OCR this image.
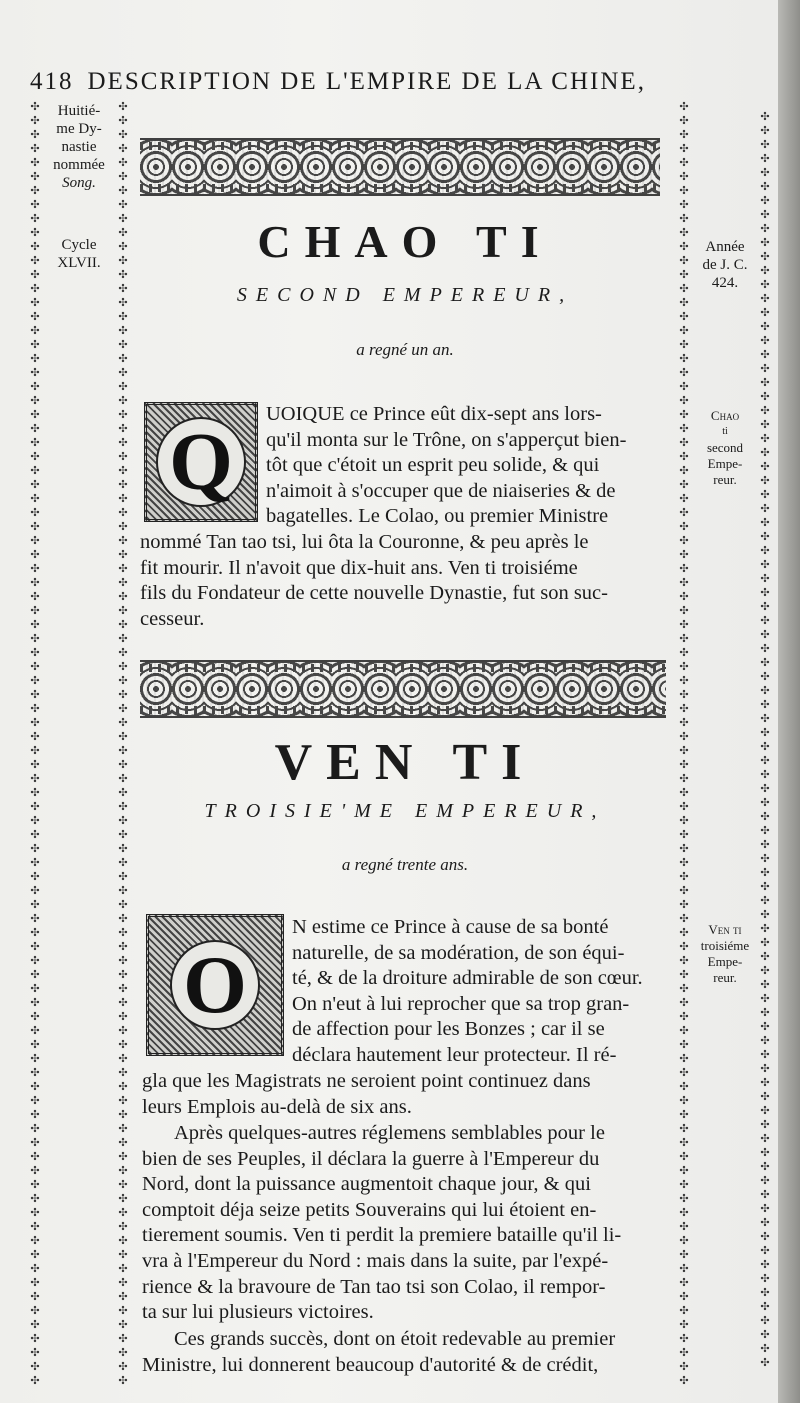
418 DESCRIPTION DE L'EMPIRE DE LA CHINE,
✣✣✣✣✣✣✣✣✣✣✣✣✣✣✣✣✣✣✣✣✣✣✣✣✣✣✣✣✣✣✣✣✣✣✣✣✣✣✣✣✣✣✣✣✣✣✣✣✣✣✣✣✣✣✣✣✣✣✣✣✣✣✣✣✣✣✣✣✣✣✣✣✣✣✣✣✣✣✣✣✣✣✣✣✣✣✣✣✣✣✣✣
✣✣✣✣✣✣✣✣✣✣✣✣✣✣✣✣✣✣✣✣✣✣✣✣✣✣✣✣✣✣✣✣✣✣✣✣✣✣✣✣✣✣✣✣✣✣✣✣✣✣✣✣✣✣✣✣✣✣✣✣✣✣✣✣✣✣✣✣✣✣✣✣✣✣✣✣✣✣✣✣✣✣✣✣✣✣✣✣✣✣✣✣
✣✣✣✣✣✣✣✣✣✣✣✣✣✣✣✣✣✣✣✣✣✣✣✣✣✣✣✣✣✣✣✣✣✣✣✣✣✣✣✣✣✣✣✣✣✣✣✣✣✣✣✣✣✣✣✣✣✣✣✣✣✣✣✣✣✣✣✣✣✣✣✣✣✣✣✣✣✣✣✣✣✣✣✣✣✣✣✣✣✣✣✣
✣✣✣✣✣✣✣✣✣✣✣✣✣✣✣✣✣✣✣✣✣✣✣✣✣✣✣✣✣✣✣✣✣✣✣✣✣✣✣✣✣✣✣✣✣✣✣✣✣✣✣✣✣✣✣✣✣✣✣✣✣✣✣✣✣✣✣✣✣✣✣✣✣✣✣✣✣✣✣✣✣✣✣✣✣✣✣✣✣✣
Huitié-
me Dy-
nastie
nommée
Song.
Cycle
XLVII.
Année
de J. C.
424.
Chao
ti
second
Empe-
reur.
Ven ti
troisiéme
Empe-
reur.
CHAO TI
SECOND EMPEREUR,
a regné un an.
Q
UOIQUE ce Prince eût dix-sept ans lors-
qu'il monta sur le Trône, on s'apperçut bien-
tôt que c'étoit un esprit peu solide, & qui
n'aimoit à s'occuper que de niaiseries & de
bagatelles. Le Colao, ou premier Ministre
nommé Tan tao tsi, lui ôta la Couronne, & peu après le
fit mourir. Il n'avoit que dix-huit ans. Ven ti troisiéme
fils du Fondateur de cette nouvelle Dynastie, fut son suc-
cesseur.
VEN TI
TROISIE'ME EMPEREUR,
a regné trente ans.
O
N estime ce Prince à cause de sa bonté
naturelle, de sa modération, de son équi-
té, & de la droiture admirable de son cœur.
On n'eut à lui reprocher que sa trop gran-
de affection pour les Bonzes ; car il se
déclara hautement leur protecteur. Il ré-
gla que les Magistrats ne seroient point continuez dans
leurs Emplois au-delà de six ans.
Après quelques-autres réglemens semblables pour le
bien de ses Peuples, il déclara la guerre à l'Empereur du
Nord, dont la puissance augmentoit chaque jour, & qui
comptoit déja seize petits Souverains qui lui étoient en-
tierement soumis. Ven ti perdit la premiere bataille qu'il li-
vra à l'Empereur du Nord : mais dans la suite, par l'expé-
rience & la bravoure de Tan tao tsi son Colao, il rempor-
ta sur lui plusieurs victoires.
Ces grands succès, dont on étoit redevable au premier
Ministre, lui donnerent beaucoup d'autorité & de crédit,
